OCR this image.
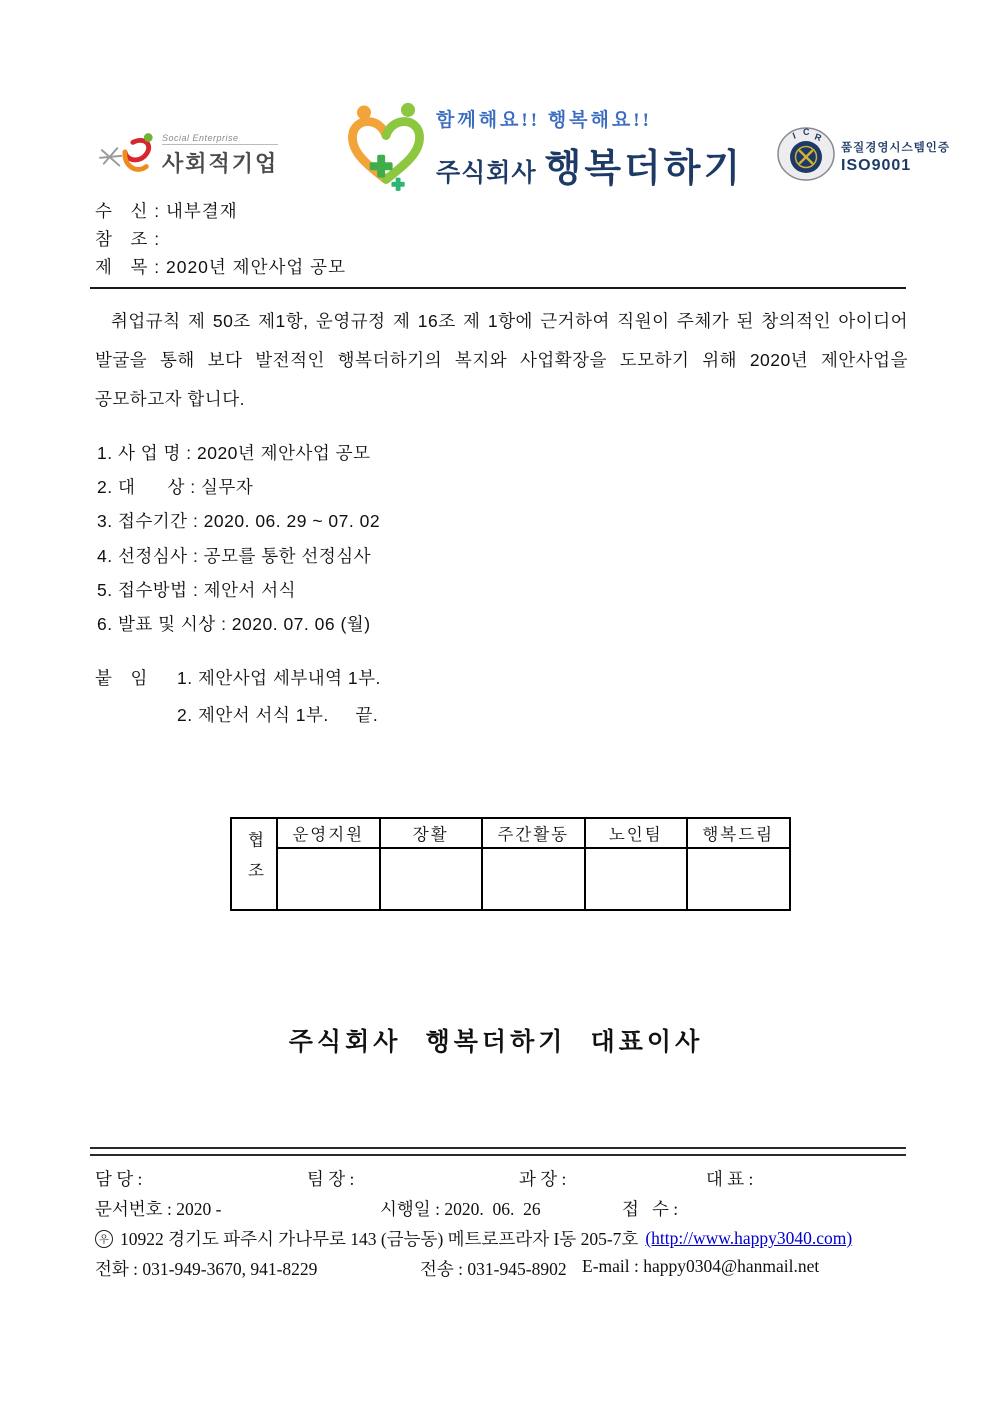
Social Enterprise
사회적기업
함께해요!! 행복해요!!
주식회사 행복더하기
I C R
품질경영시스템인증
ISO9001
수   신 : 내부결재
참   조 :
제   목 : 2020년 제안사업 공모

취업규칙 제 50조 제1항, 운영규정 제 16조 제 1항에 근거하여 직원이 주체가 된 창의적인 아이디어 발굴을 통해 보다 발전적인 행복더하기의 복지와 사업확장을 도모하기 위해 2020년 제안사업을 공모하고자 합니다.

1. 사 업 명 : 2020년 제안사업 공모
2. 대      상 : 실무자
3. 접수기간 : 2020. 06. 29 ~ 07. 02
4. 선정심사 : 공모를 통한 선정심사
5. 접수방법 : 제안서 서식
6. 발표 및 시상 : 2020. 07. 06 (월)
붙   임	1. 제안사업 세부내역 1부.
2. 제안서 서식 1부.     끝.
협조	운영지원	장활	주간활동	노인팀	행복드림

주식회사 행복더하기 대표이사
담 당 :	팀 장 :	과 장 :	대 표 :
문서번호 : 2020 -	시행일 : 2020.  06.  26	접   수 :
우 10922 경기도 파주시 가나무로 143 (금능동) 메트로프라자 I동 205-7호 (http://www.happy3040.com)
전화 : 031-949-3670, 941-8229	전송 : 031-945-8902 E-mail : happy0304@hanmail.net
